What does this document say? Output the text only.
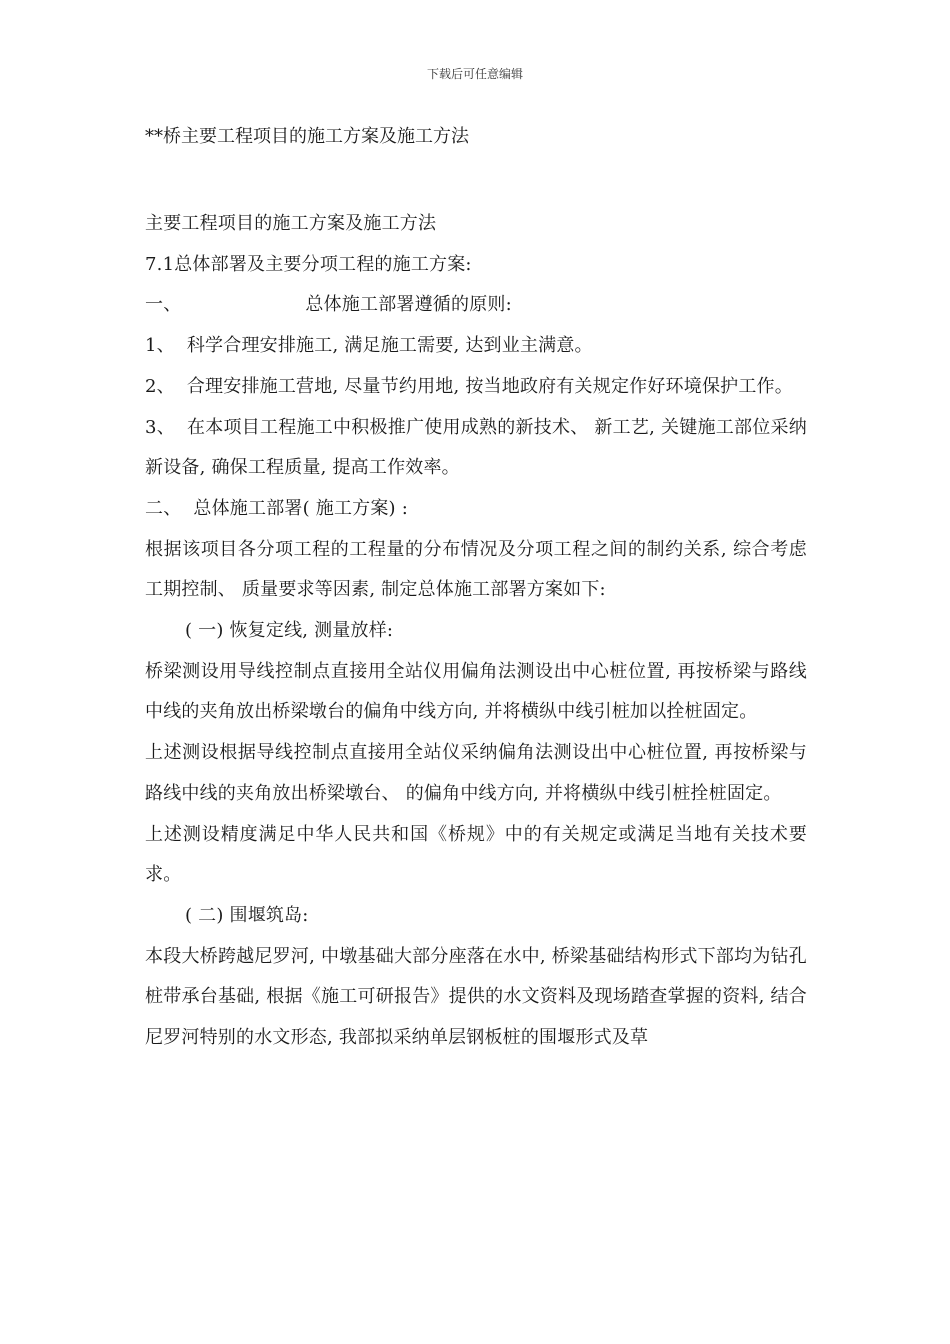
下载后可任意编辑
**桥主要工程项目的施工方案及施工方法

主要工程项目的施工方案及施工方法

7.1总体部署及主要分项工程的施工方案:

一、	总体施工部署遵循的原则:

1、 科学合理安排施工, 满足施工需要, 达到业主满意。

2、 合理安排施工营地, 尽量节约用地, 按当地政府有关规定作好环境保护工作。

3、 在本项目工程施工中积极推广使用成熟的新技术、 新工艺, 关键施工部位采纳新设备, 确保工程质量, 提高工作效率。

二、 总体施工部署( 施工方案) :

根据该项目各分项工程的工程量的分布情况及分项工程之间的制约关系, 综合考虑工期控制、 质量要求等因素, 制定总体施工部署方案如下:

( 一) 恢复定线, 测量放样:

桥梁测设用导线控制点直接用全站仪用偏角法测设出中心桩位置, 再按桥梁与路线中线的夹角放出桥梁墩台的偏角中线方向, 并将横纵中线引桩加以拴桩固定。

上述测设根据导线控制点直接用全站仪采纳偏角法测设出中心桩位置, 再按桥梁与路线中线的夹角放出桥梁墩台、 的偏角中线方向, 并将横纵中线引桩拴桩固定。

上述测设精度满足中华人民共和国《桥规》中的有关规定或满足当地有关技术要求。

( 二) 围堰筑岛:

本段大桥跨越尼罗河, 中墩基础大部分座落在水中, 桥梁基础结构形式下部均为钻孔桩带承台基础, 根据《施工可研报告》提供的水文资料及现场踏查掌握的资料, 结合尼罗河特别的水文形态, 我部拟采纳单层钢板桩的围堰形式及草
